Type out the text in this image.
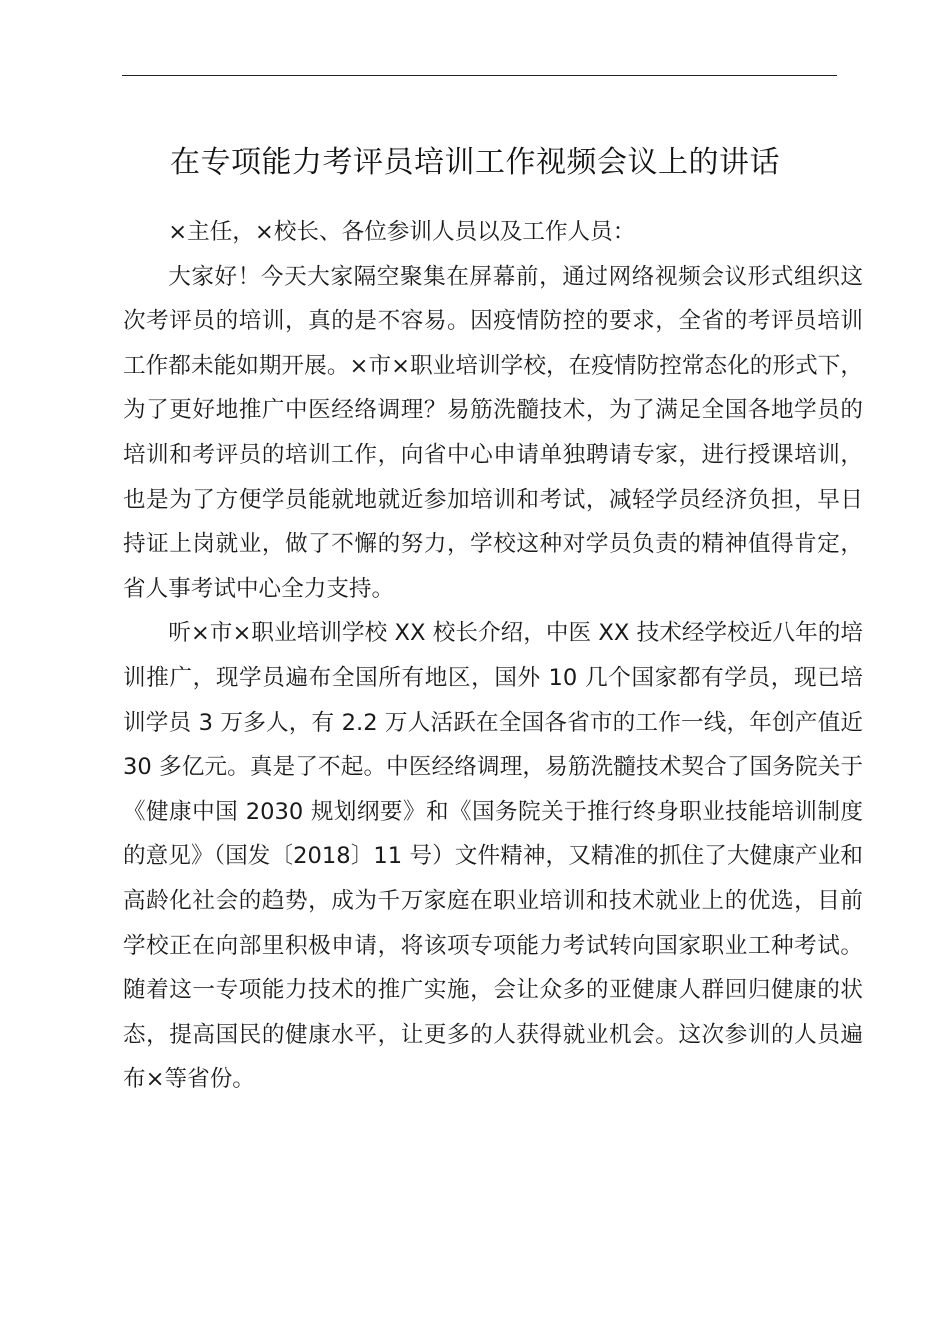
在专项能力考评员培训工作视频会议上的讲话

×主任，×校长、各位参训人员以及工作人员：

大家好！今天大家隔空聚集在屏幕前，通过网络视频会议形式组织这次考评员的培训，真的是不容易。因疫情防控的要求，全省的考评员培训工作都未能如期开展。×市×职业培训学校，在疫情防控常态化的形式下，为了更好地推广中医经络调理？易筋洗髓技术，为了满足全国各地学员的培训和考评员的培训工作，向省中心申请单独聘请专家，进行授课培训，也是为了方便学员能就地就近参加培训和考试，减轻学员经济负担，早日持证上岗就业，做了不懈的努力，学校这种对学员负责的精神值得肯定，省人事考试中心全力支持。

听×市×职业培训学校 XX 校长介绍，中医 XX 技术经学校近八年的培训推广，现学员遍布全国所有地区，国外 10 几个国家都有学员，现已培训学员 3 万多人，有 2.2 万人活跃在全国各省市的工作一线，年创产值近 30 多亿元。真是了不起。中医经络调理，易筋洗髓技术契合了国务院关于《健康中国 2030 规划纲要》和《国务院关于推行终身职业技能培训制度的意见》（国发〔2018〕11 号）文件精神，又精准的抓住了大健康产业和高龄化社会的趋势，成为千万家庭在职业培训和技术就业上的优选，目前学校正在向部里积极申请，将该项专项能力考试转向国家职业工种考试。随着这一专项能力技术的推广实施，会让众多的亚健康人群回归健康的状态，提高国民的健康水平，让更多的人获得就业机会。这次参训的人员遍布×等省份。
